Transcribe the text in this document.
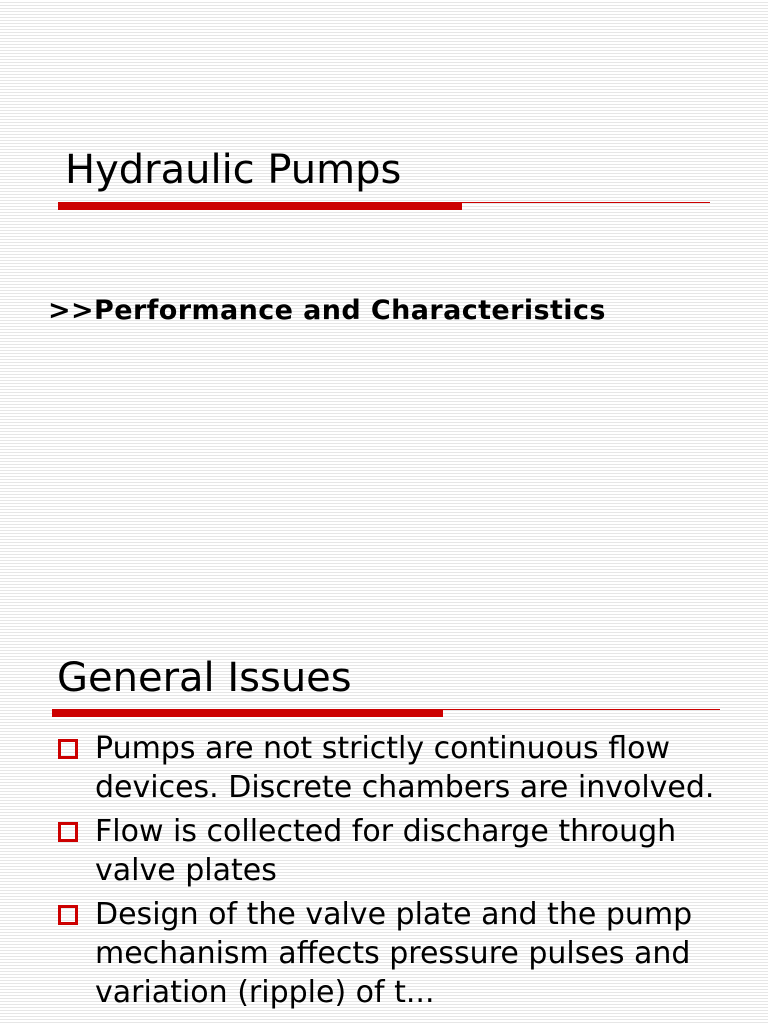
Hydraulic Pumps

>>Performance and Characteristics

General Issues
Pumps are not strictly continuous flow devices. Discrete chambers are involved.
Flow is collected for discharge through valve plates
Design of the valve plate and the pump mechanism affects pressure pulses and variation (ripple) of t...
